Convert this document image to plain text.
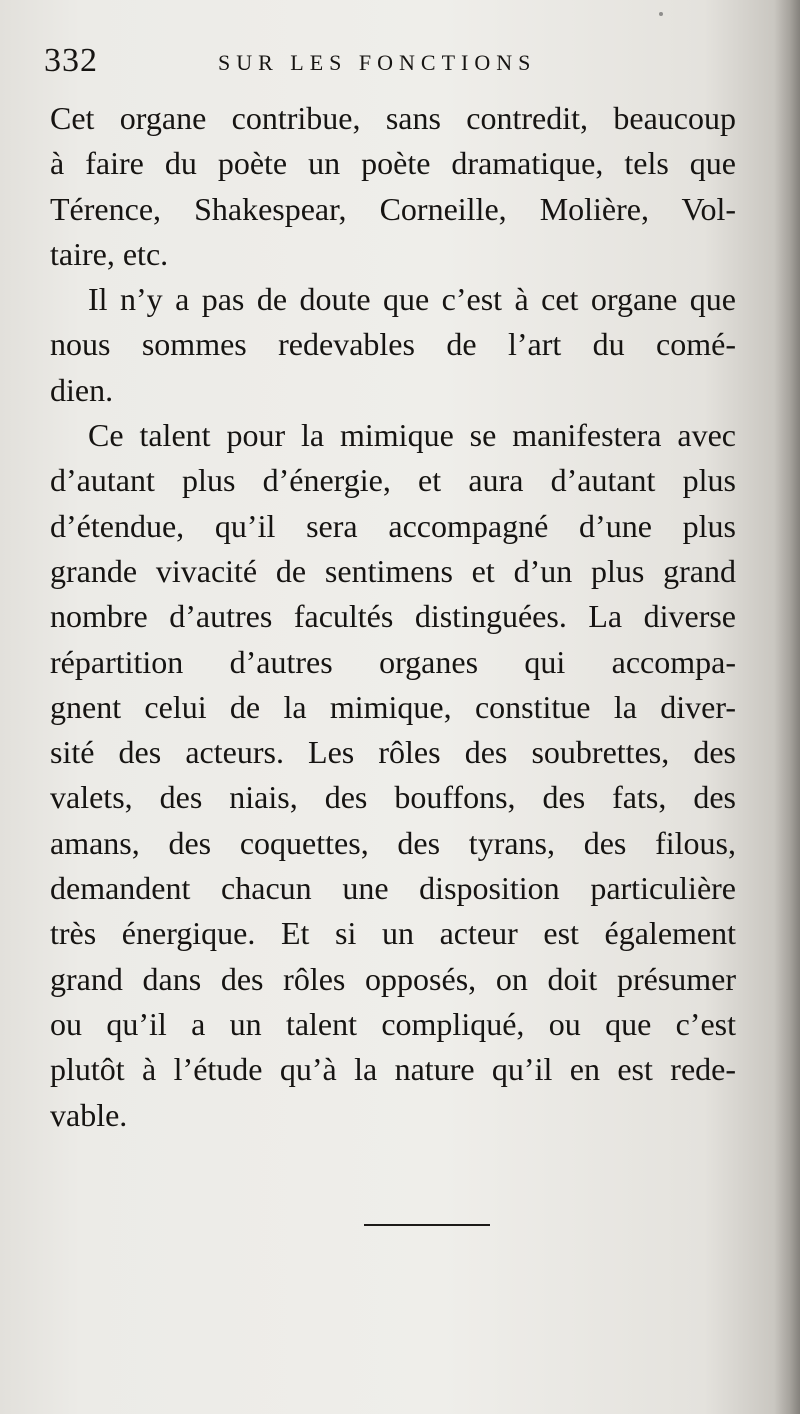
332	SUR LES FONCTIONS
Cet organe contribue, sans contredit, beaucoup
à faire du poète un poète dramatique, tels que
Térence, Shakespear, Corneille, Molière, Vol-
taire, etc.
Il n’y a pas de doute que c’est à cet organe que
nous sommes redevables de l’art du comé-
dien.
Ce talent pour la mimique se manifestera avec
d’autant plus d’énergie, et aura d’autant plus
d’étendue, qu’il sera accompagné d’une plus
grande vivacité de sentimens et d’un plus grand
nombre d’autres facultés distinguées. La diverse
répartition d’autres organes qui accompa-
gnent celui de la mimique, constitue la diver-
sité des acteurs. Les rôles des soubrettes, des
valets, des niais, des bouffons, des fats, des
amans, des coquettes, des tyrans, des filous,
demandent chacun une disposition particulière
très énergique. Et si un acteur est également
grand dans des rôles opposés, on doit présumer
ou qu’il a un talent compliqué, ou que c’est
plutôt à l’étude qu’à la nature qu’il en est rede-
vable.
